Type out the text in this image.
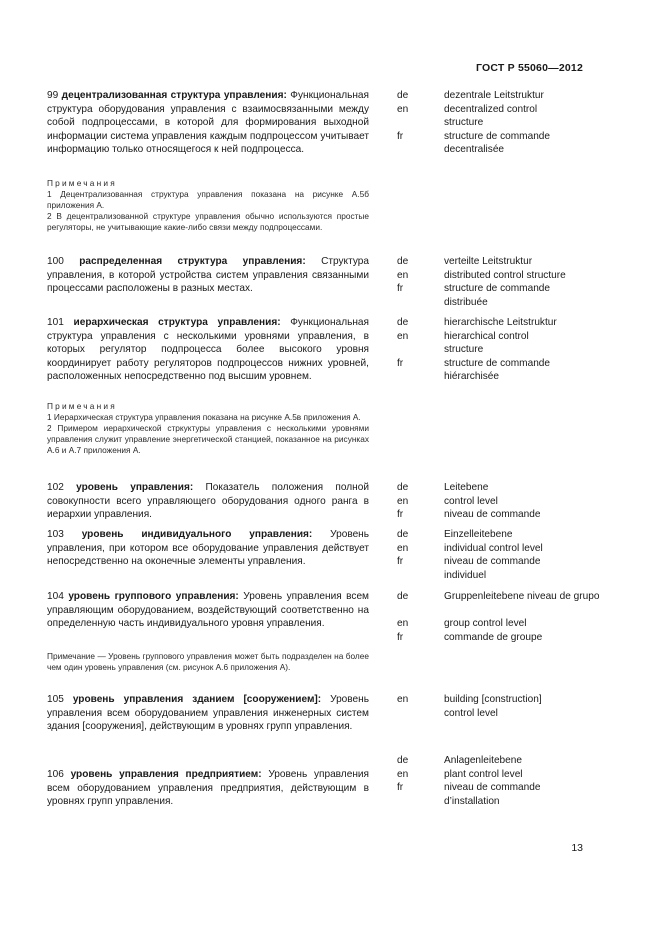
ГОСТ Р 55060—2012
99 децентрализованная структура управления: Функциональная структура оборудования управления с взаимосвязанными между собой подпроцессами, в которой для формирования выходной информации система управления каждым подпроцессом учитывает информацию только относящегося к ней подпроцесса.
de	dezentrale Leitstruktur
en	decentralized control structure
fr	structure de commande decentralisée
Примечания
1 Децентрализованная структура управления показана на рисунке А.5б приложения А.
2 В децентрализованной структуре управления обычно используются простые регуляторы, не учитывающие какие-либо связи между подпроцессами.
100 распределенная структура управления: Структура управления, в которой устройства систем управления связанными процессами расположены в разных местах.
de	verteilte Leitstruktur
en	distributed control structure
fr	structure de commande distribuée
101 иерархическая структура управления: Функциональная структура управления с несколькими уровнями управления, в которых регулятор подпроцесса более высокого уровня координирует работу регуляторов подпроцессов нижних уровней, расположенных непосредственно под высшим уровнем.
de	hierarchische Leitstruktur
en	hierarchical control structure
fr	structure de commande hiérarchisée
Примечания
1 Иерархическая структура управления показана на рисунке А.5в приложения А.
2 Примером иерархической стркуктуры управления с несколькими уровнями управления служит управление энергетической станцией, показанное на рисунках А.6 и А.7 приложения А.
102 уровень управления: Показатель положения полной совокупности всего управляющего оборудования одного ранга в иерархии управления.
de	Leitebene
en	control level
fr	niveau de commande
103 уровень индивидуального управления: Уровень управления, при котором все оборудование управления действует непосредственно на оконечные элементы управления.
de	Einzelleitebene
en	individual control level
fr	niveau de commande individuel
104 уровень группового управления: Уровень управления всем управляющим оборудованием, воздействующий соответственно на определенную часть индивидуального уровня управления.
de	Gruppenleitebene niveau de grupo
en	group control level
fr	commande de groupe
Примечание — Уровень группового управления может быть подразделен на более чем один уровень управления (см. рисунок А.6 приложения А).
105 уровень управления зданием [сооружением]: Уровень управления всем оборудованием управления инженерных систем здания [сооружения], действующим в уровнях групп управления.
en	building [construction] control level
106 уровень управления предприятием: Уровень управления всем оборудованием управления предприятия, действующим в уровнях групп управления.
de	Anlagenleitebene
en	plant control level
fr	niveau de commande d’installation
13
